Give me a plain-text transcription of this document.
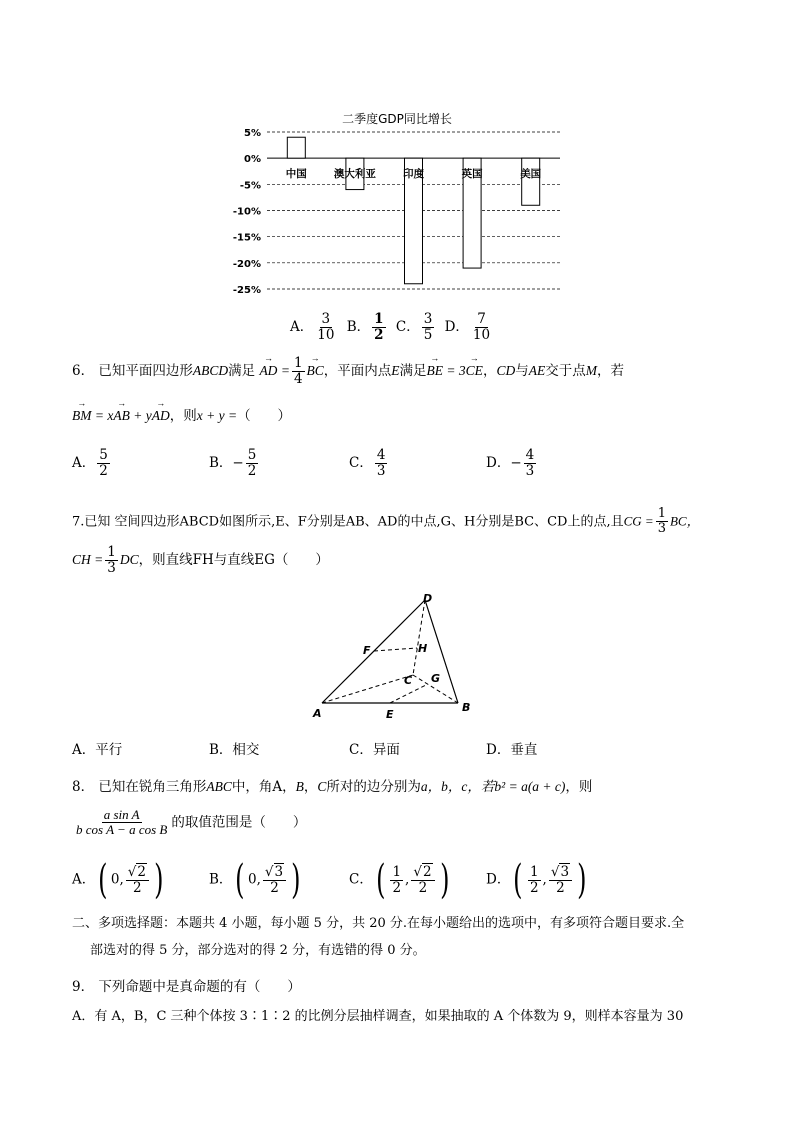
二季度GDP同比增长
5%
0%
-5%
-10%
-15%
-20%
-25%
中国	澳大利亚	印度	英国	美国
A． $\frac{3}{10}$ B． $\frac{1}{2}$ C． $\frac{3}{5}$ D． $\frac{7}{10}$
6． 已知平面四边形ABCD满足 → AD = $\frac{1}{4}$ → BC，平面内点E满足→ BE = 3→ CE，CD与AE交于点M，若
→ BM = x→ AB + y→ AD，则x + y =（　　）
A． $\frac{5}{2}$	B．− $\frac{5}{2}$	C． $\frac{4}{3}$	D．− $\frac{4}{3}$
7.已知 空间四边形ABCD如图所示,E、F分别是AB、AD的中点,G、H分别是BC、CD上的点,且CG = $\frac{1}{3}$ BC，
CH = $\frac{1}{3}$ DC，则直线FH与直线EG（　　）
D
F	H
C G
A	E
B
A．平行	B．相交	C．异面	D．垂直
8． 已知在锐角三角形ABC中，角A，B，C所对的边分别为a，b，c，若b² = a(a + c)，则
$\frac{\text{a sin A}}{\text{b cos A − a cos B}}$ 的取值范围是（　　）
A．( 0, $\frac{√2}{2}$ )	B．( 0, $\frac{√3}{2}$ )	C．( $\frac{1}{2}$ , $\frac{√2}{2}$ )	D．( $\frac{1}{2}$ , $\frac{√3}{2}$ )
二、多项选择题：本题共 4 小题，每小题 5 分，共 20 分.在每小题给出的选项中，有多项符合题目要求.全
部选对的得 5 分，部分选对的得 2 分，有选错的得 0 分。
9． 下列命题中是真命题的有（　　）
A．有 A，B，C 三种个体按 3∶1∶2 的比例分层抽样调查，如果抽取的 A 个体数为 9，则样本容量为 30
